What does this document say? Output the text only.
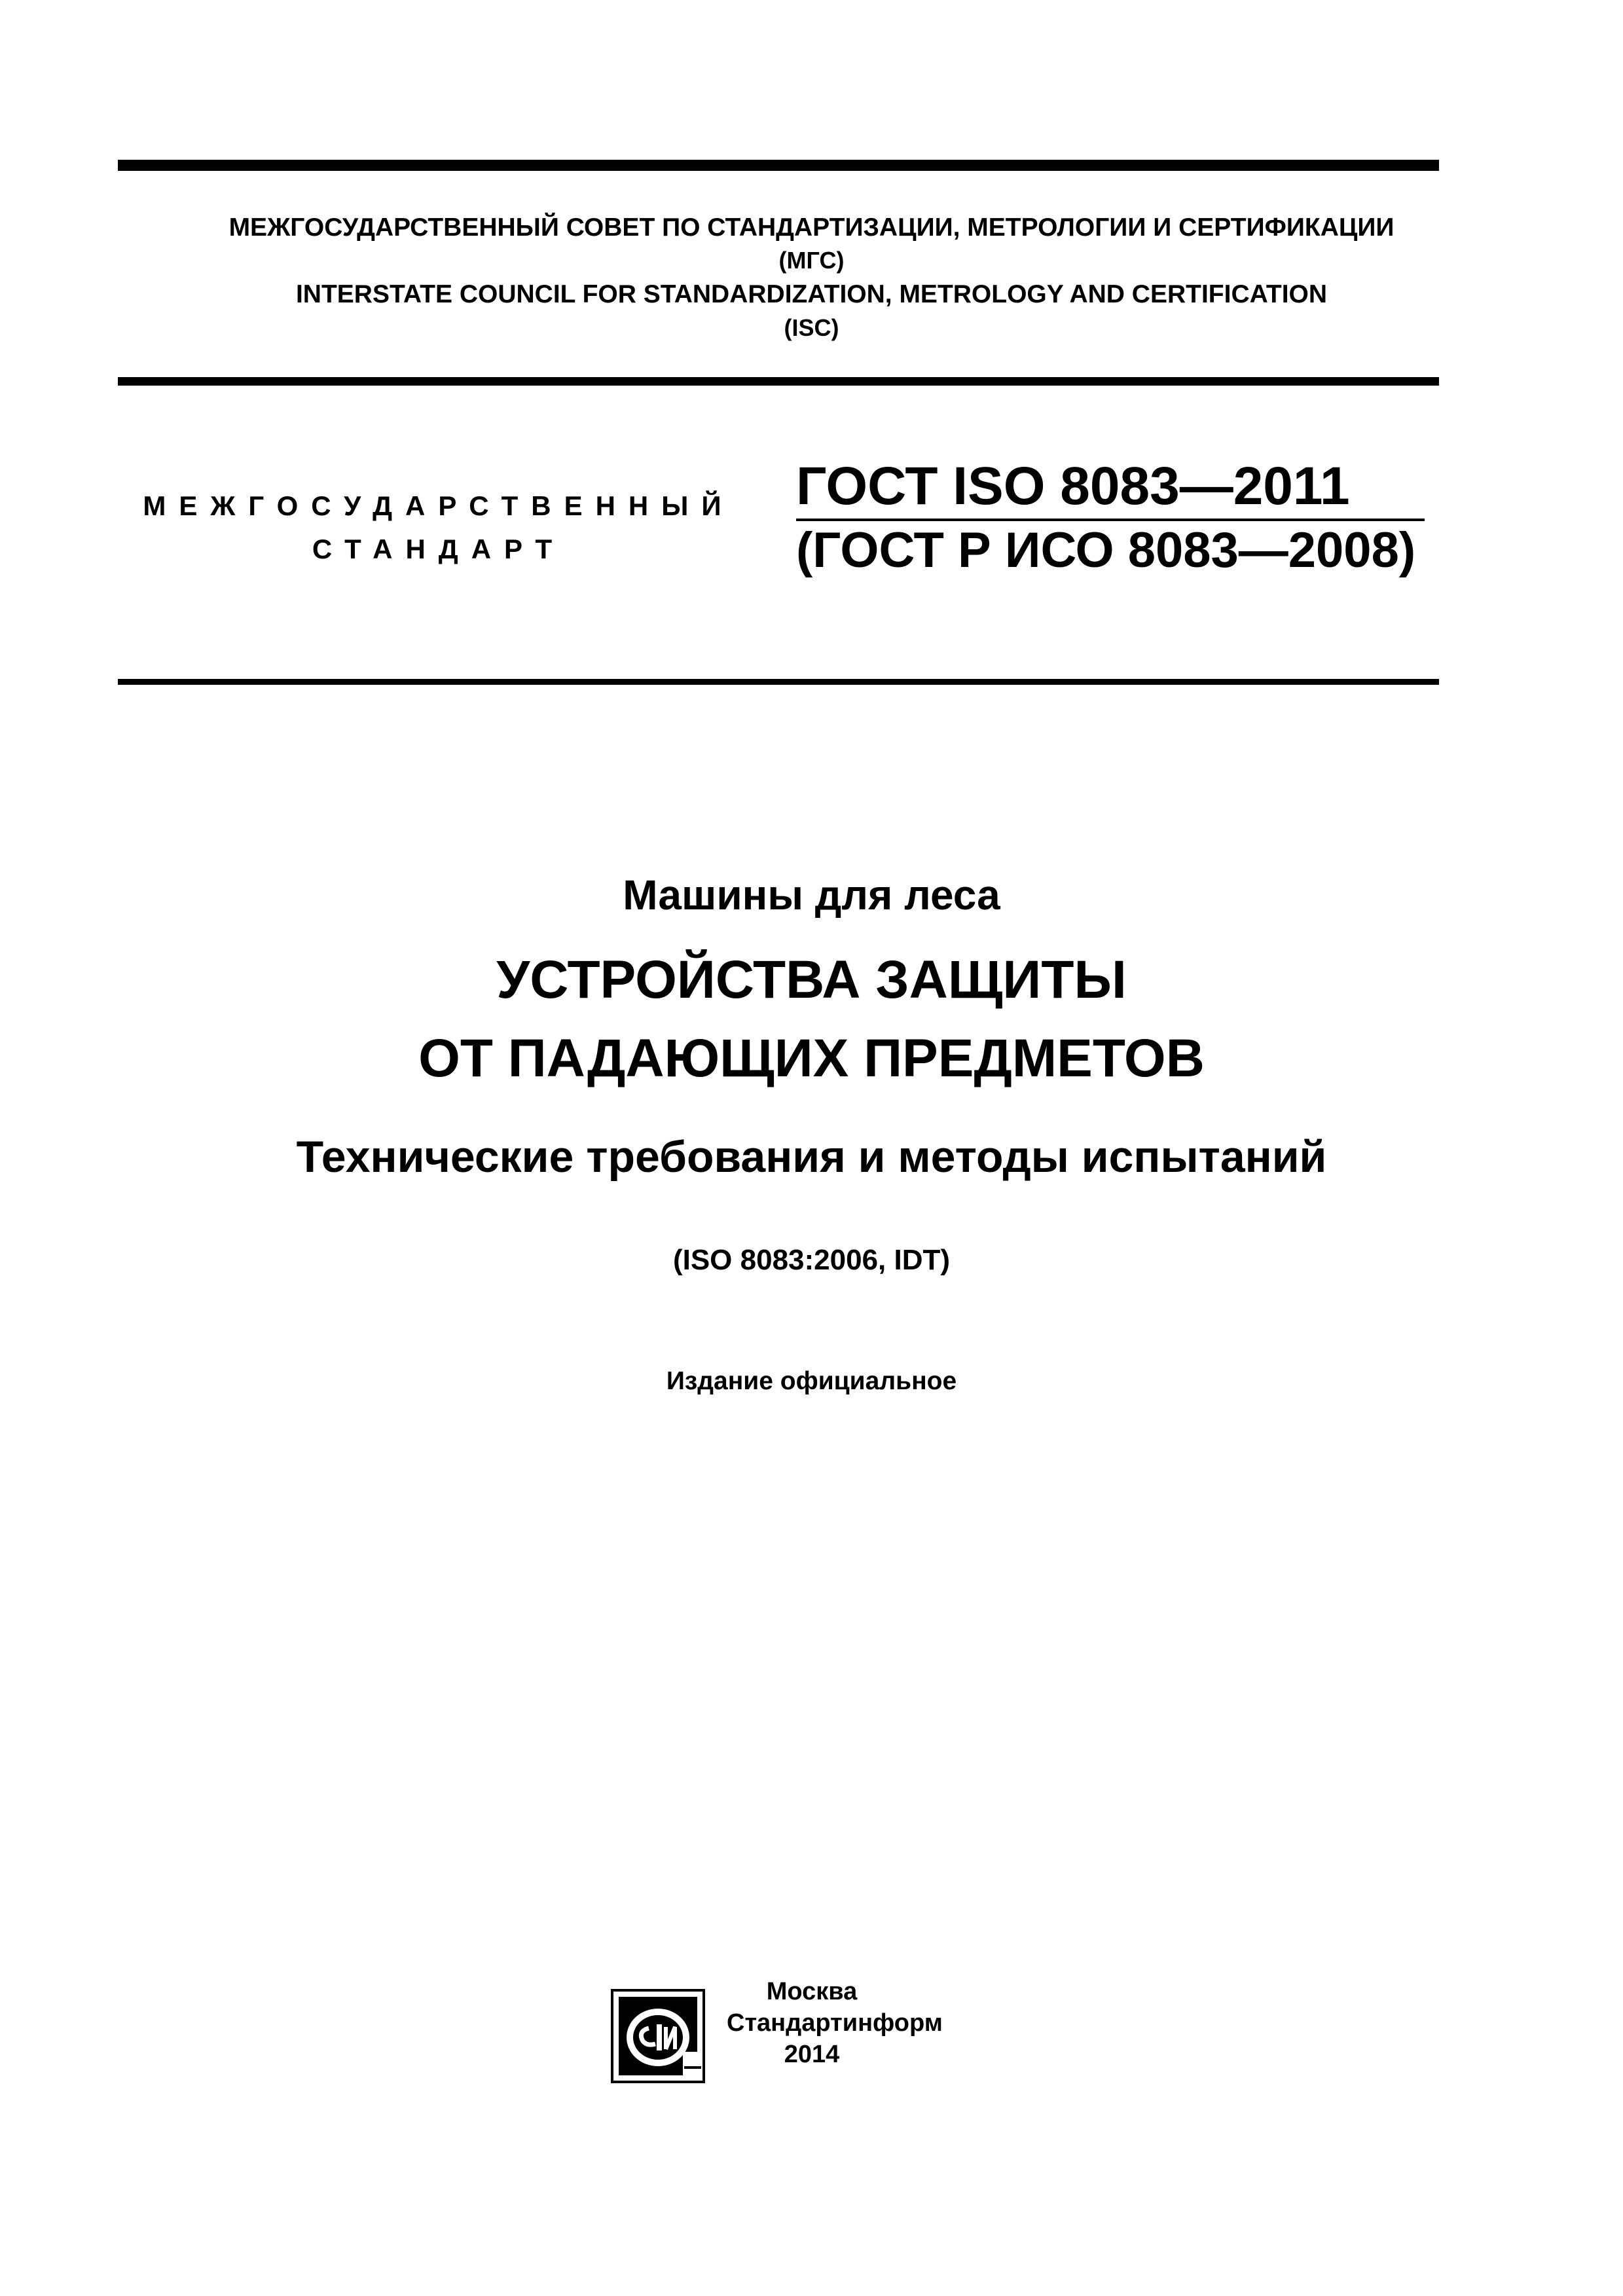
МЕЖГОСУДАРСТВЕННЫЙ СОВЕТ ПО СТАНДАРТИЗАЦИИ, МЕТРОЛОГИИ И СЕРТИФИКАЦИИ
(МГС)
INTERSTATE COUNCIL FOR STANDARDIZATION, METROLOGY AND CERTIFICATION
(ISC)
МЕЖГОСУДАРСТВЕННЫЙ
СТАНДАРТ
ГОСТ ISO 8083—2011
(ГОСТ Р ИСО 8083—2008)
Машины для леса
УСТРОЙСТВА ЗАЩИТЫ
ОТ ПАДАЮЩИХ ПРЕДМЕТОВ
Технические требования и методы испытаний
(ISO 8083:2006, IDT)
Издание официальное
Москва
Стандартинформ
2014
